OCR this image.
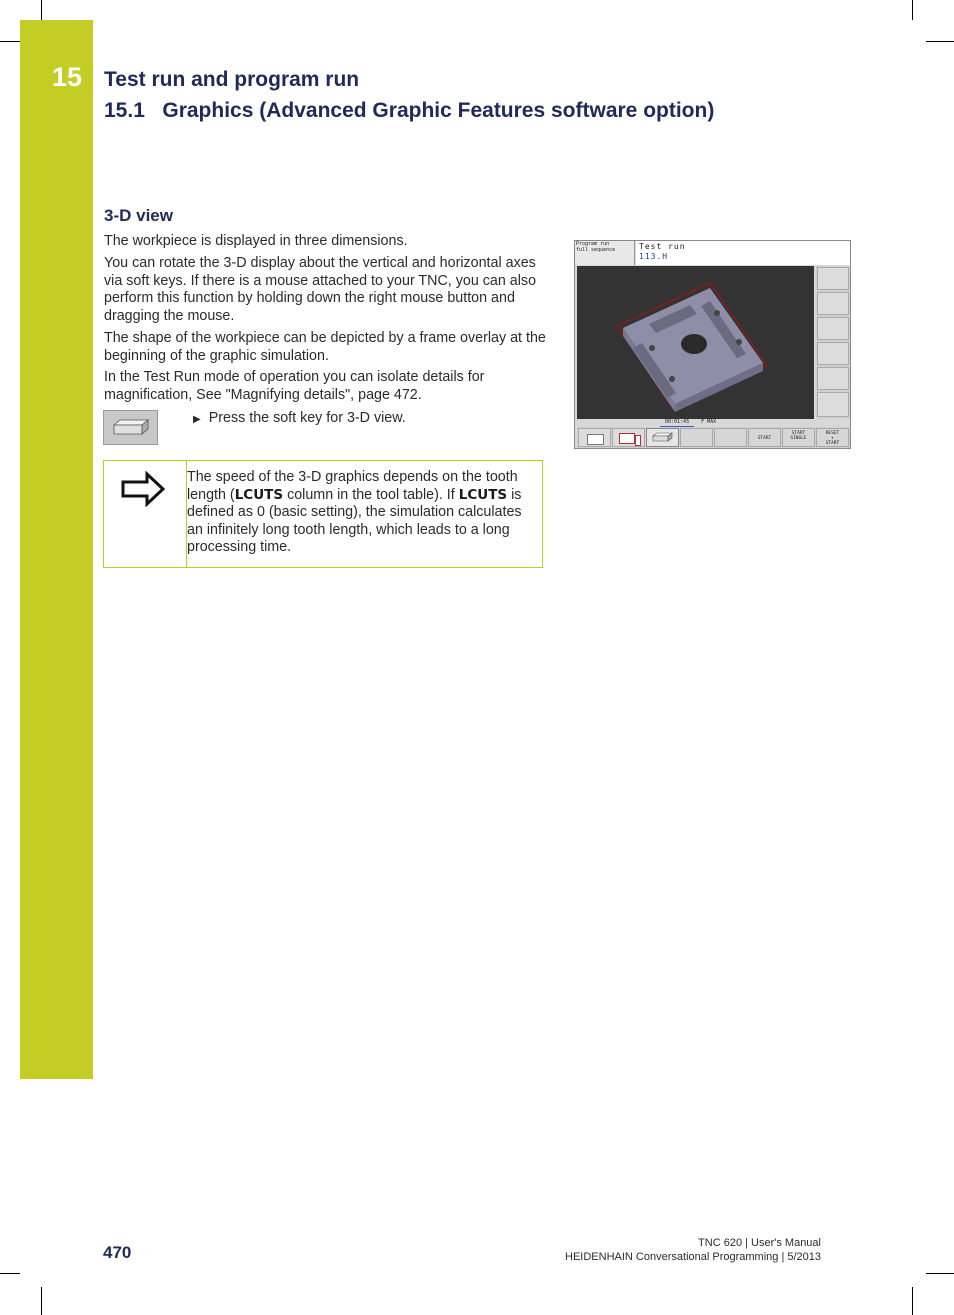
15 Test run and program run
15.1   Graphics (Advanced Graphic Features software option)
3-D view
The workpiece is displayed in three dimensions.
You can rotate the 3-D display about the vertical and horizontal axes via soft keys. If there is a mouse attached to your TNC, you can also perform this function by holding down the right mouse button and dragging the mouse.
The shape of the workpiece can be depicted by a frame overlay at the beginning of the graphic simulation.
In the Test Run mode of operation you can isolate details for magnification, See "Magnifying details", page 472.
▶ Press the soft key for 3-D view.
The speed of the 3-D graphics depends on the tooth length (LCUTS column in the tool table). If LCUTS is defined as 0 (basic setting), the simulation calculates an infinitely long tooth length, which leads to a long processing time.
Program run
full sequence	Test run
113.H
00:01:45 F MAX
START
START
SINGLE
RESET
+
START
470	TNC 620 | User's Manual
HEIDENHAIN Conversational Programming | 5/2013
